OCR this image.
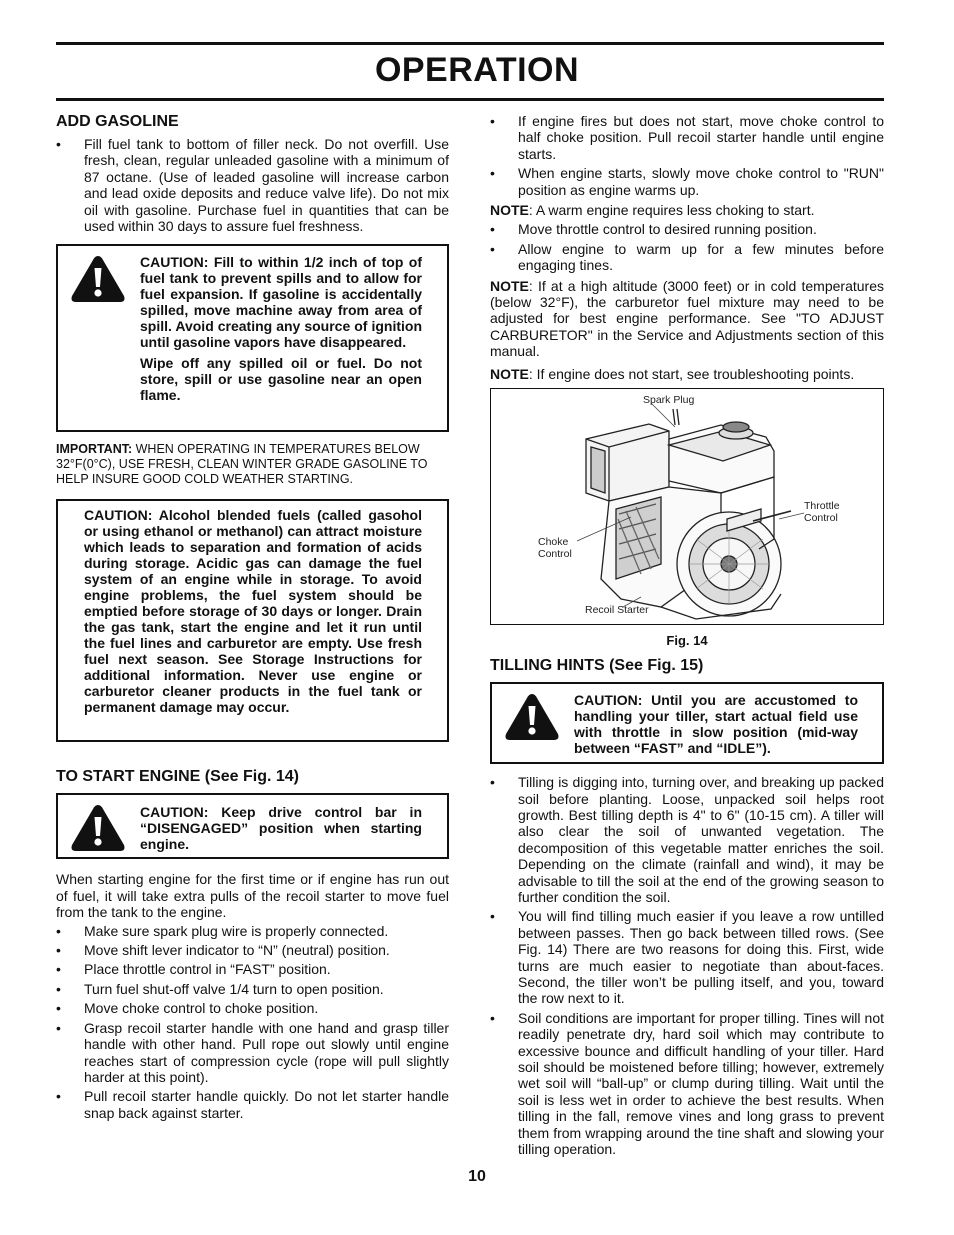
OPERATION
ADD GASOLINE
• Fill fuel tank to bottom of filler neck. Do not overfill. Use fresh, clean, regular unleaded gasoline with a minimum of 87 octane. (Use of leaded gasoline will increase carbon and lead oxide deposits and reduce valve life). Do not mix oil with gasoline. Purchase fuel in quantities that can be used within 30 days to assure fuel freshness.

CAUTION: Fill to within 1/2 inch of top of fuel tank to prevent spills and to allow for fuel expansion. If gasoline is accidentally spilled, move machine away from area of spill. Avoid creating any source of ignition until gasoline vapors have disappeared.

Wipe off any spilled oil or fuel. Do not store, spill or use gasoline near an open flame.

IMPORTANT: WHEN OPERATING IN TEMPERATURES BELOW 32°F(0°C), USE FRESH, CLEAN WINTER GRADE GASOLINE TO HELP INSURE GOOD COLD WEATHER STARTING.

CAUTION: Alcohol blended fuels (called gasohol or using ethanol or methanol) can attract moisture which leads to separation and formation of acids during storage. Acidic gas can damage the fuel system of an engine while in storage. To avoid engine problems, the fuel system should be emptied before storage of 30 days or longer. Drain the gas tank, start the engine and let it run until the fuel lines and carburetor are empty. Use fresh fuel next season. See Storage Instructions for additional information. Never use engine or carburetor cleaner products in the fuel tank or permanent damage may occur.

TO START ENGINE (See Fig. 14)

CAUTION: Keep drive control bar in “DISENGAGED” position when starting engine.

When starting engine for the first time or if engine has run out of fuel, it will take extra pulls of the recoil starter to move fuel from the tank to the engine.

• Make sure spark plug wire is properly connected.
• Move shift lever indicator to “N” (neutral) position.
• Place throttle control in “FAST” position.
• Turn fuel shut-off valve 1/4 turn to open position.
• Move choke control to choke position.
• Grasp recoil starter handle with one hand and grasp tiller handle with other hand. Pull rope out slowly until engine reaches start of compression cycle (rope will pull slightly harder at this point).
• Pull recoil starter handle quickly. Do not let starter handle snap back against starter.
• If engine fires but does not start, move choke control to half choke position. Pull recoil starter handle until engine starts.
• When engine starts, slowly move choke control to "RUN" position as engine warms up.

NOTE: A warm engine requires less choking to start.

• Move throttle control to desired running position.
• Allow engine to warm up for a few minutes before engaging tines.

NOTE: If at a high altitude (3000 feet) or in cold temperatures (below 32°F), the carburetor fuel mixture may need to be adjusted for best engine performance. See "TO ADJUST CARBURETOR" in the Service and Adjustments section of this manual.

NOTE: If engine does not start, see troubleshooting points.

Spark Plug
Throttle
Control
Choke
Control
Recoil Starter
Fig. 14
TILLING HINTS (See Fig. 15)

CAUTION: Until you are accustomed to handling your tiller, start actual field use with throttle in slow position (mid-way between “FAST” and “IDLE”).

• Tilling is digging into, turning over, and breaking up packed soil before planting. Loose, unpacked soil helps root growth. Best tilling depth is 4" to 6" (10-15 cm). A tiller will also clear the soil of unwanted vegetation. The decomposition of this vegetable matter enriches the soil. Depending on the climate (rainfall and wind), it may be advisable to till the soil at the end of the growing season to further condition the soil.
• You will find tilling much easier if you leave a row untilled between passes. Then go back between tilled rows. (See Fig. 14) There are two reasons for doing this. First, wide turns are much easier to negotiate than about-faces. Second, the tiller won’t be pulling itself, and you, toward the row next to it.
• Soil conditions are important for proper tilling. Tines will not readily penetrate dry, hard soil which may contribute to excessive bounce and difficult handling of your tiller. Hard soil should be moistened before tilling; however, extremely wet soil will “ball-up” or clump during tilling. Wait until the soil is less wet in order to achieve the best results. When tilling in the fall, remove vines and long grass to prevent them from wrapping around the tine shaft and slowing your tilling operation.
10
